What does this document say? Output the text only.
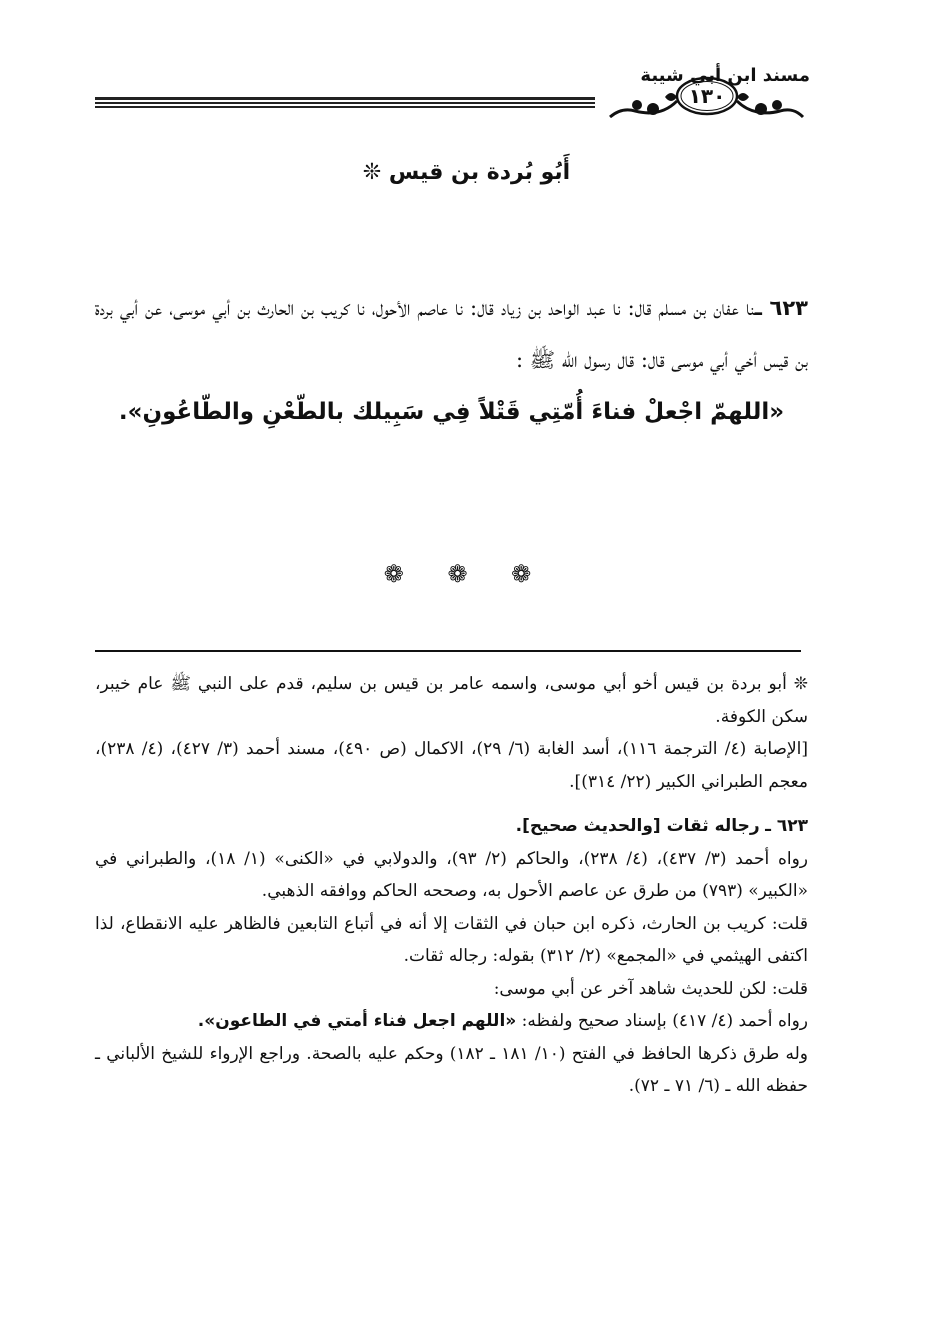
مسند ابن أبي شيبة
١٣٠
أَبُو بُردة بن قيس ❊

٦٢٣ ـنا عفان بن مسلم قال: نا عبد الواحد بن زياد قال: نا عاصم الأحول، نا كريب بن الحارث بن أبي موسى، عن أبي بردة بن قيس أخي أبي موسى قال: قال رسول الله ﷺ :

«اللهمّ اجْعلْ فناءَ أُمّتِي قَتْلاً فِي سَبِيلك بالطّعْنِ والطّاعُونِ».

❁ ❁ ❁

❊ أبو بردة بن قيس أخو أبي موسى، واسمه عامر بن قيس بن سليم، قدم على النبي ﷺ عام خيبر، سكن الكوفة.

[الإصابة (٤/ الترجمة ١١٦)، أسد الغابة (٦/ ٢٩)، الاكمال (ص ٤٩٠)، مسند أحمد (٣/ ٤٢٧)، (٤/ ٢٣٨)، معجم الطبراني الكبير (٢٢/ ٣١٤)].

٦٢٣ ـ رجاله ثقات [والحديث صحيح].

رواه أحمد (٣/ ٤٣٧)، (٤/ ٢٣٨)، والحاكم (٢/ ٩٣)، والدولابي في «الكنى» (١/ ١٨)، والطبراني في «الكبير» (٧٩٣) من طرق عن عاصم الأحول به، وصححه الحاكم ووافقه الذهبي.

قلت: كريب بن الحارث، ذكره ابن حبان في الثقات إلا أنه في أتباع التابعين فالظاهر عليه الانقطاع، لذا اكتفى الهيثمي في «المجمع» (٢/ ٣١٢) بقوله: رجاله ثقات.

قلت: لكن للحديث شاهد آخر عن أبي موسى:

رواه أحمد (٤/ ٤١٧) بإسناد صحيح ولفظه: «اللهم اجعل فناء أمتي في الطاعون».

وله طرق ذكرها الحافظ في الفتح (١٠/ ١٨١ ـ ١٨٢) وحكم عليه بالصحة. وراجع الإرواء للشيخ الألباني ـ حفظه الله ـ (٦/ ٧١ ـ ٧٢).
